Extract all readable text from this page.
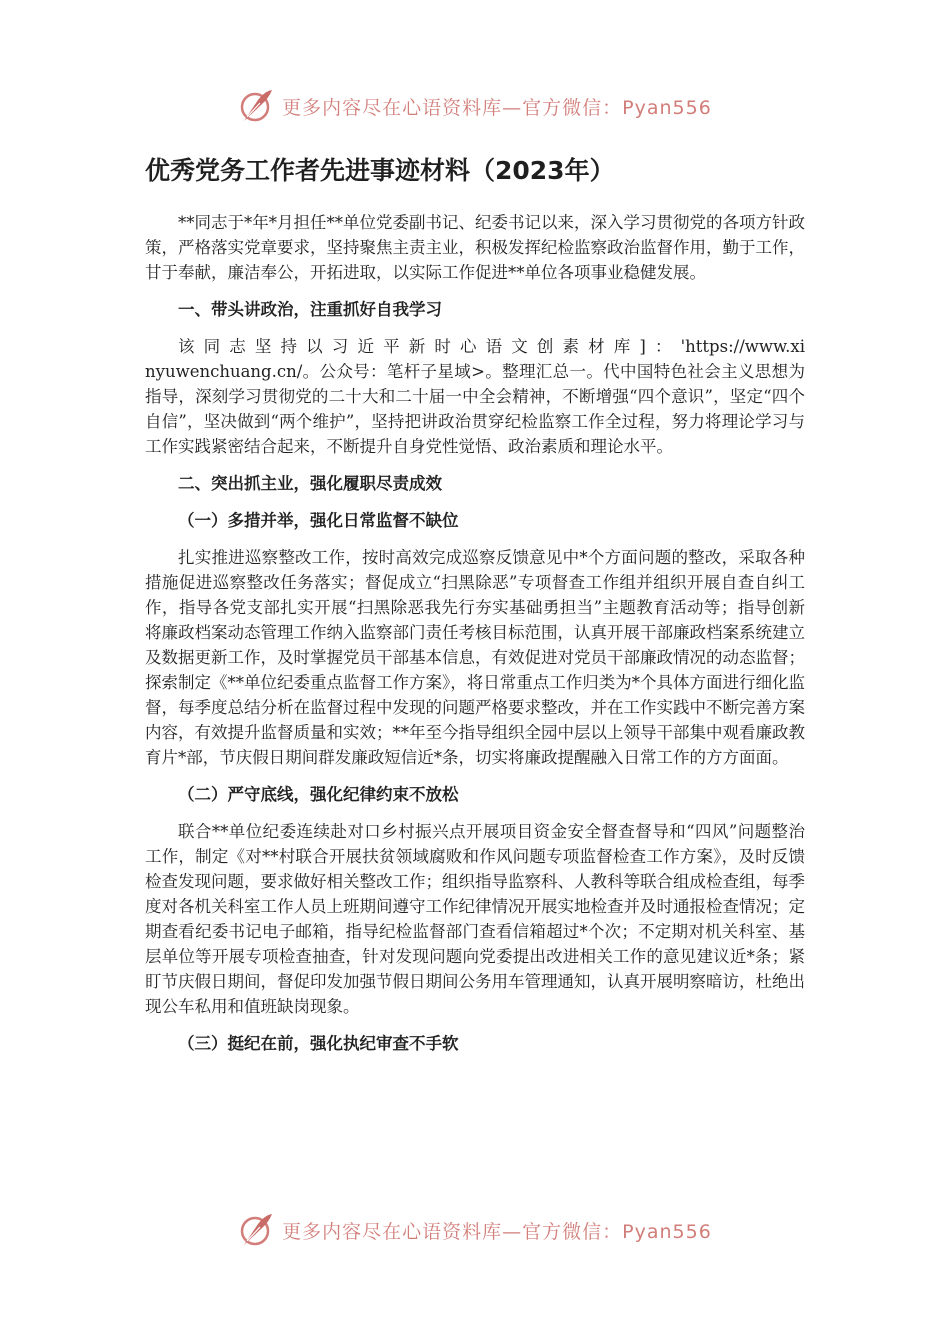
更多内容尽在心语资料库—官方微信：Pyan556
优秀党务工作者先进事迹材料（2023年）

**同志于*年*月担任**单位党委副书记、纪委书记以来，深入学习贯彻党的各项方针政策，严格落实党章要求，坚持聚焦主责主业，积极发挥纪检监察政治监督作用，勤于工作，甘于奉献，廉洁奉公，开拓进取，以实际工作促进**单位各项事业稳健发展。

一、带头讲政治，注重抓好自我学习

该同志坚持以习近平新时心语文创素材库]：'https://www.xinyuwenchuang.cn/。公众号：笔杆子星域>。整理汇总一。代中国特色社会主义思想为指导，深刻学习贯彻党的二十大和二十届一中全会精神，不断增强“四个意识”，坚定“四个自信”，坚决做到“两个维护”，坚持把讲政治贯穿纪检监察工作全过程，努力将理论学习与工作实践紧密结合起来，不断提升自身党性觉悟、政治素质和理论水平。

二、突出抓主业，强化履职尽责成效
（一）多措并举，强化日常监督不缺位

扎实推进巡察整改工作，按时高效完成巡察反馈意见中*个方面问题的整改，采取各种措施促进巡察整改任务落实；督促成立“扫黑除恶”专项督查工作组并组织开展自查自纠工作，指导各党支部扎实开展“扫黑除恶我先行夯实基础勇担当”主题教育活动等；指导创新将廉政档案动态管理工作纳入监察部门责任考核目标范围，认真开展干部廉政档案系统建立及数据更新工作，及时掌握党员干部基本信息，有效促进对党员干部廉政情况的动态监督；探索制定《**单位纪委重点监督工作方案》，将日常重点工作归类为*个具体方面进行细化监督，每季度总结分析在监督过程中发现的问题严格要求整改，并在工作实践中不断完善方案内容，有效提升监督质量和实效；**年至今指导组织全园中层以上领导干部集中观看廉政教育片*部，节庆假日期间群发廉政短信近*条，切实将廉政提醒融入日常工作的方方面面。

（二）严守底线，强化纪律约束不放松

联合**单位纪委连续赴对口乡村振兴点开展项目资金安全督查督导和“四风”问题整治工作，制定《对**村联合开展扶贫领域腐败和作风问题专项监督检查工作方案》，及时反馈检查发现问题，要求做好相关整改工作；组织指导监察科、人教科等联合组成检查组，每季度对各机关科室工作人员上班期间遵守工作纪律情况开展实地检查并及时通报检查情况；定期查看纪委书记电子邮箱，指导纪检监督部门查看信箱超过*个次；不定期对机关科室、基层单位等开展专项检查抽查，针对发现问题向党委提出改进相关工作的意见建议近*条；紧盯节庆假日期间，督促印发加强节假日期间公务用车管理通知，认真开展明察暗访，杜绝出现公车私用和值班缺岗现象。

（三）挺纪在前，强化执纪审查不手软
更多内容尽在心语资料库—官方微信：Pyan556
